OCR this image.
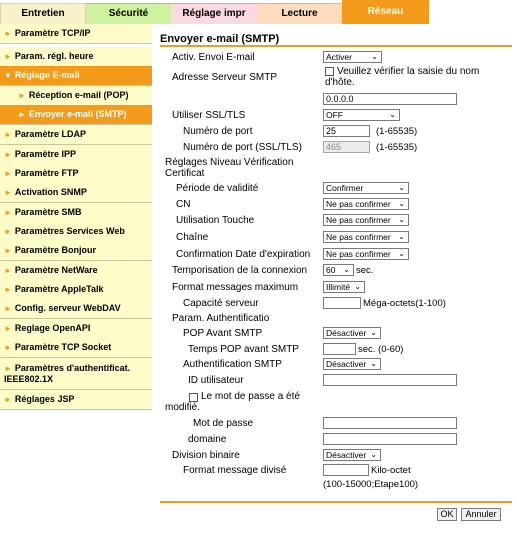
Entretien	Sécurité	Réglage impr	Lecture	Réseau
► Paramètre TCP/IP
► Param. régl. heure
▼ Réglage E-mail
► Réception e-mail (POP)
► Envoyer e-mail (SMTP)
► Paramètre LDAP
► Paramètre IPP
► Paramètre FTP
► Activation SNMP
► Paramètre SMB
► Paramètres Services Web
► Paramètre Bonjour
► Paramètre NetWare
► Paramètre AppleTalk
► Config. serveur WebDAV
► Reglage OpenAPI
► Paramètre TCP Socket
► Paramètres d'authentificat. IEEE802.1X
► Réglages JSP
Envoyer e-mail (SMTP)
Activ. Envoi E-mail	Activer ⌄
Adresse Serveur SMTP
Veuillez vérifier la saisie du nom d'hôte.
0.0.0.0
Utiliser SSL/TLS	OFF	⌄
Numéro de port	25	(1-65535)
Numéro de port (SSL/TLS)	465	(1-65535)
Réglages Niveau Vérification Certificat
Période de validité	Confirmer	⌄
CN	Ne pas confirmer ⌄
Utilisation Touche	Ne pas confirmer ⌄
Chaîne	Ne pas confirmer ⌄
Confirmation Date d'expiration	Ne pas confirmer ⌄
Temporisation de la connexion	60 ⌄ sec.
Format messages maximum	Illimité ⌄
Capacité serveur	Méga-octets(1-100)
Param. Authentificatio
POP Avant SMTP	Désactiver ⌄
Temps POP avant SMTP	sec. (0-60)
Authentification SMTP	Désactiver ⌄
ID utilisateur
Le mot de passe a été modifié.
Mot de passe
domaine
Division binaire	Désactiver ⌄
Format message divisé	Kilo-octet
(100-15000;Etape100)
OK	Annuler
